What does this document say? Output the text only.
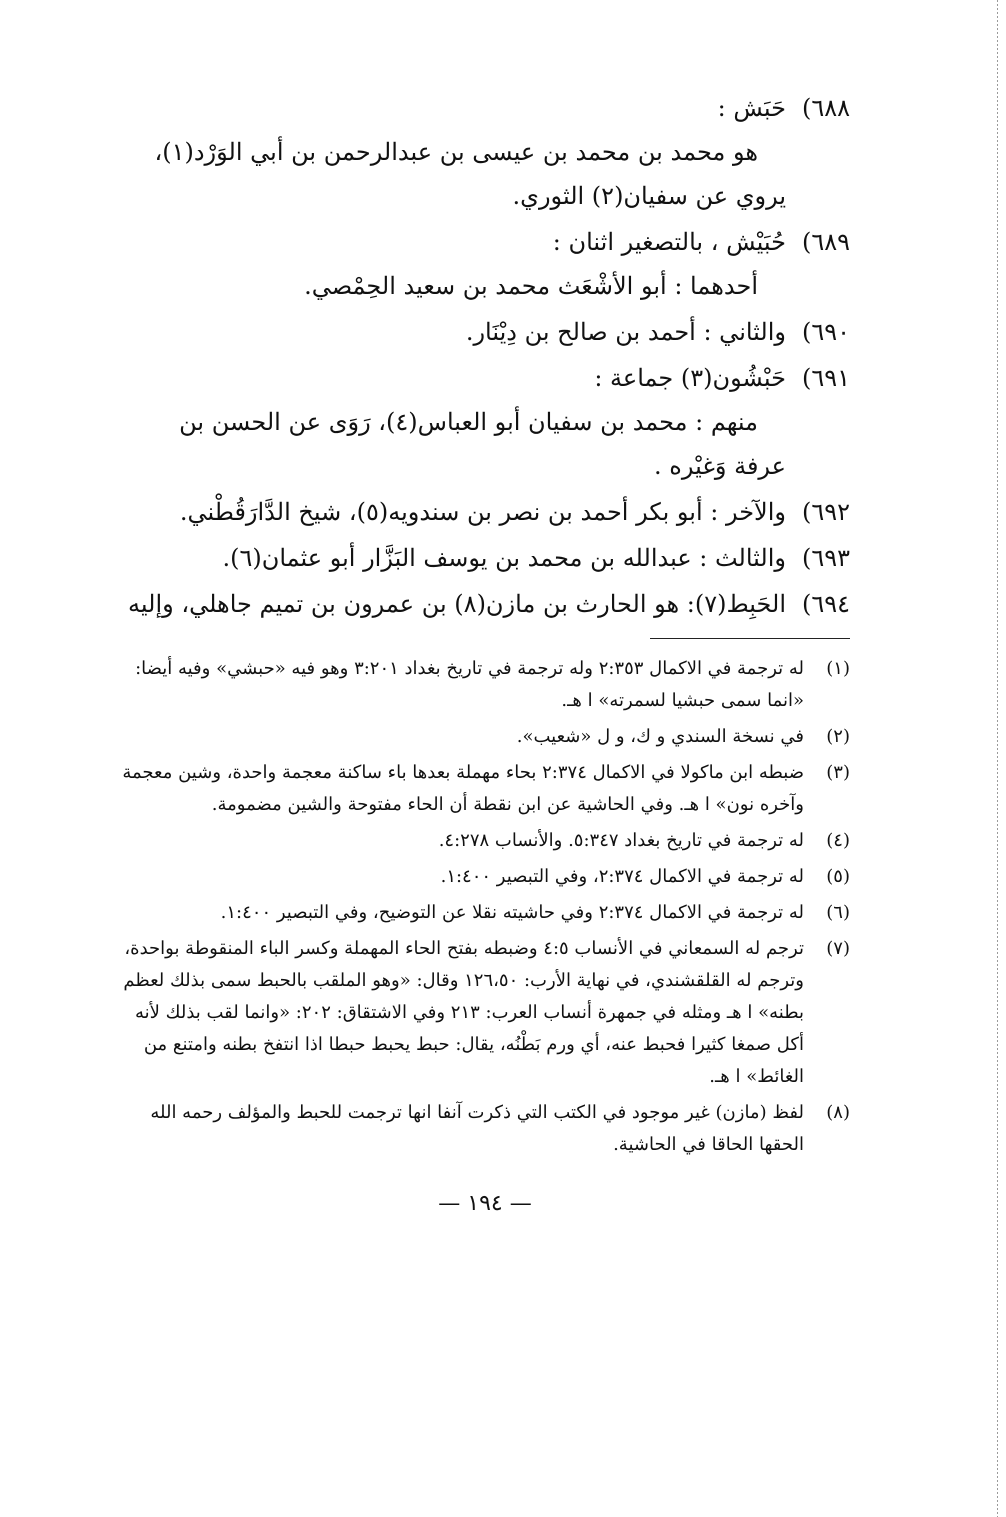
٦٨٨)
حَبَش :
هو محمد بن محمد بن عيسى بن عبدالرحمن بن أبي الوَرْد(١)،
يروي عن سفيان(٢) الثوري.
٦٨٩)
حُبَيْش ، بالتصغير اثنان :
أحدهما : أبو الأشْعَث محمد بن سعيد الحِمْصي.
٦٩٠)
والثاني : أحمد بن صالح بن دِيْنَار.
٦٩١)
حَبْشُون(٣) جماعة :
منهم : محمد بن سفيان أبو العباس(٤)، رَوَى عن الحسن بن
عرفة وَغيْره .
٦٩٢)
والآخر : أبو بكر أحمد بن نصر بن سندويه(٥)، شيخ الدَّارَقُطْني.
٦٩٣)
والثالث : عبدالله بن محمد بن يوسف البَزَّار أبو عثمان(٦).
٦٩٤)
الحَبِط(٧): هو الحارث بن مازن(٨) بن عمرون بن تميم جاهلي، وإليه
(١)
له ترجمة في الاكمال ٢:٣٥٣ وله ترجمة في تاريخ بغداد ٣:٢٠١ وهو فيه «حبشي» وفيه أيضا: «انما سمى حبشيا لسمرته» ا هـ.
(٢)
في نسخة السندي و ك، و ل «شعيب».
(٣)
ضبطه ابن ماكولا في الاكمال ٢:٣٧٤ بحاء مهملة بعدها باء ساكنة معجمة واحدة، وشين معجمة وآخره نون» ا هـ. وفي الحاشية عن ابن نقطة أن الحاء مفتوحة والشين مضمومة.
(٤)
له ترجمة في تاريخ بغداد ٥:٣٤٧. والأنساب ٤:٢٧٨.
(٥)
له ترجمة في الاكمال ٢:٣٧٤، وفي التبصير ١:٤٠٠.
(٦)
له ترجمة في الاكمال ٢:٣٧٤ وفي حاشيته نقلا عن التوضيح، وفي التبصير ١:٤٠٠.
(٧)
ترجم له السمعاني في الأنساب ٤:٥ وضبطه بفتح الحاء المهملة وكسر الباء المنقوطة بواحدة، وترجم له القلقشندي، في نهاية الأرب: ١٢٦،٥٠ وقال: «وهو الملقب بالحبط سمى بذلك لعظم بطنه» ا هـ ومثله في جمهرة أنساب العرب: ٢١٣ وفي الاشتقاق: ٢٠٢: «وانما لقب بذلك لأنه أكل صمغا كثيرا فحبط عنه، أي ورم بَطْنُه، يقال: حبط يحبط حبطا اذا انتفخ بطنه وامتنع من الغائط» ا هـ.
(٨)
لفظ (مازن) غير موجود في الكتب التي ذكرت آنفا انها ترجمت للحبط والمؤلف رحمه الله الحقها الحاقا في الحاشية.
— ١٩٤ —
